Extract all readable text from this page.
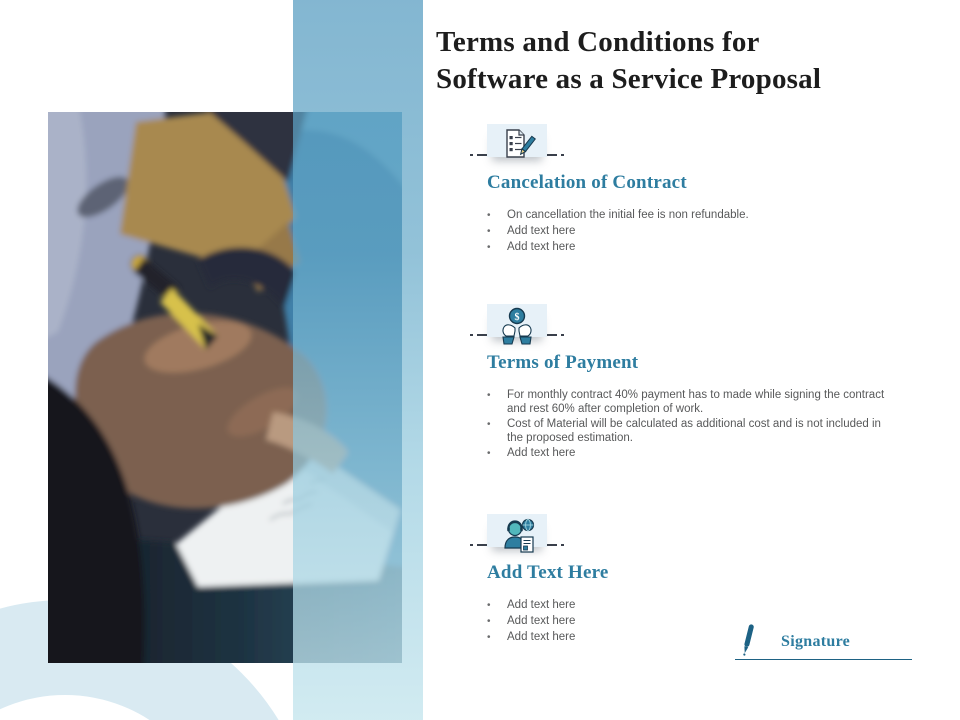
Terms and Conditions for
Software as a Service Proposal
Cancelation of Contract
•
On cancellation the initial fee is non refundable.
•
Add text here
•
Add text here
$
Terms of Payment
•
For monthly contract 40% payment has to made while signing the contract and rest 60% after completion of work.
•
Cost of Material will be calculated as additional cost and is not included in the proposed estimation.
•
Add text here
Add Text Here
•
Add text here
•
Add text here
•
Add text here	Signature
